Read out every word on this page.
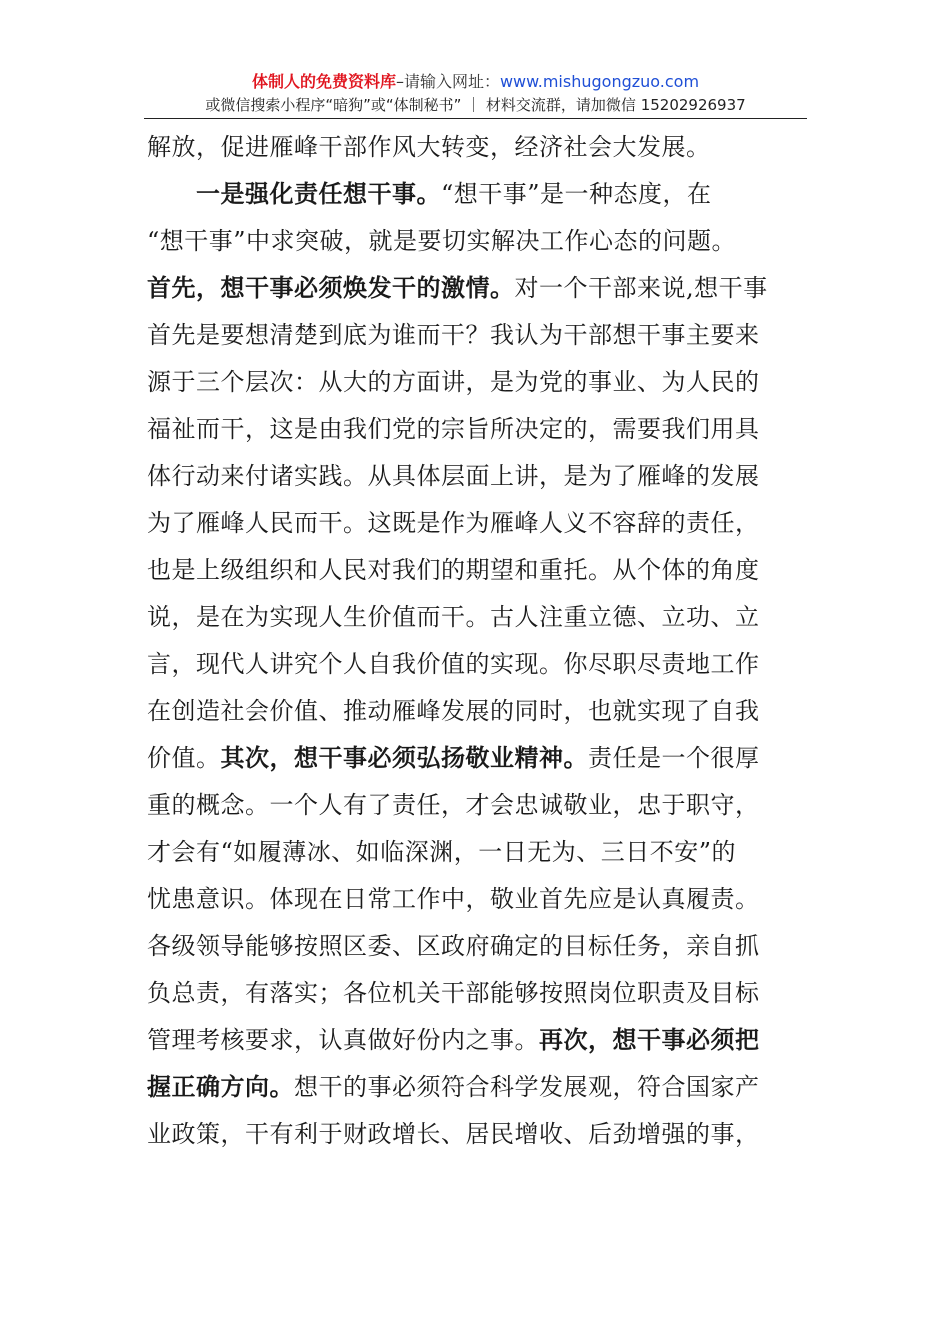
体制人的免费资料库–请输入网址：www.mishugongzuo.com
或微信搜索小程序“暗狗”或“体制秘书” ｜ 材料交流群，请加微信 15202926937
解放，促进雁峰干部作风大转变，经济社会大发展。
　　一是强化责任想干事。“想干事”是一种态度，在
“想干事”中求突破，就是要切实解决工作心态的问题。
首先，想干事必须焕发干的激情。对一个干部来说,想干事
首先是要想清楚到底为谁而干？我认为干部想干事主要来
源于三个层次：从大的方面讲，是为党的事业、为人民的
福祉而干，这是由我们党的宗旨所决定的，需要我们用具
体行动来付诸实践。从具体层面上讲，是为了雁峰的发展
为了雁峰人民而干。这既是作为雁峰人义不容辞的责任，
也是上级组织和人民对我们的期望和重托。从个体的角度
说，是在为实现人生价值而干。古人注重立德、立功、立
言，现代人讲究个人自我价值的实现。你尽职尽责地工作
在创造社会价值、推动雁峰发展的同时，也就实现了自我
价值。其次，想干事必须弘扬敬业精神。责任是一个很厚
重的概念。一个人有了责任，才会忠诚敬业，忠于职守，
才会有“如履薄冰、如临深渊，一日无为、三日不安”的
忧患意识。体现在日常工作中，敬业首先应是认真履责。
各级领导能够按照区委、区政府确定的目标任务，亲自抓
负总责，有落实；各位机关干部能够按照岗位职责及目标
管理考核要求，认真做好份内之事。再次，想干事必须把
握正确方向。想干的事必须符合科学发展观，符合国家产
业政策，干有利于财政增长、居民增收、后劲增强的事，
